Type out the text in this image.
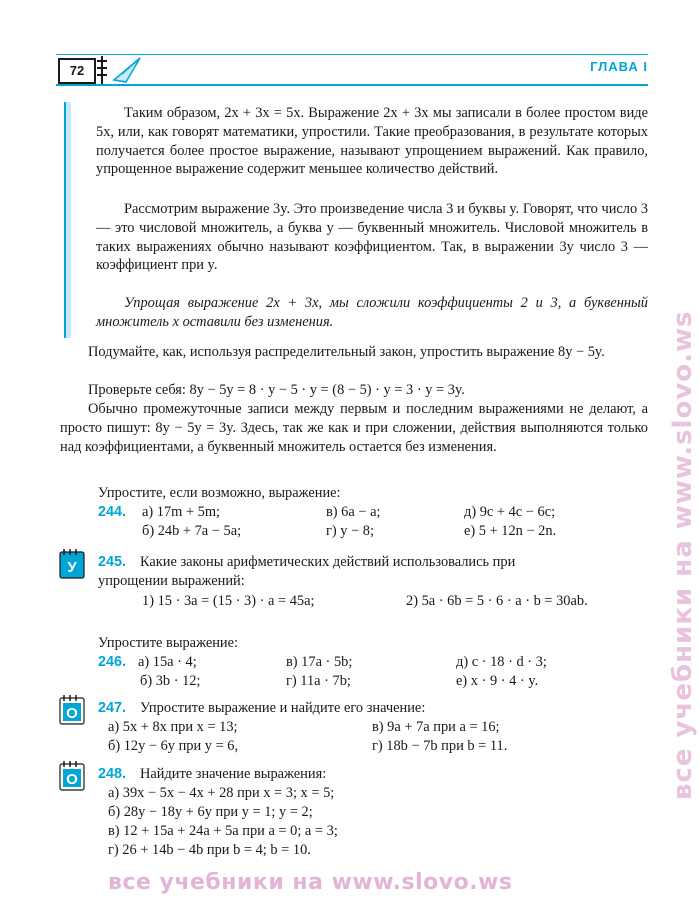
72	ГЛАВА I
Таким образом, 2x + 3x = 5x. Выражение 2x + 3x мы записали в более простом виде 5x, или, как говорят математики, упростили. Такие преобразования, в результате которых получается более простое выражение, называют упрощением выражений. Как правило, упрощенное выражение содержит меньшее количество действий.
Рассмотрим выражение 3y. Это произведение числа 3 и буквы y. Говорят, что число 3 — это числовой множитель, а буква y — буквенный множитель. Числовой множитель в таких выражениях обычно называют коэффициентом. Так, в выражении 3y число 3 — коэффициент при y.
Упрощая выражение 2x + 3x, мы сложили коэффициенты 2 и 3, а буквенный множитель x оставили без изменения.
Подумайте, как, используя распределительный закон, упростить выражение 8y − 5y.
Проверьте себя: 8y − 5y = 8 · y − 5 · y = (8 − 5) · y = 3 · y = 3y.
Обычно промежуточные записи между первым и последним выражениями не делают, а просто пишут: 8y − 5y = 3y. Здесь, так же как и при сложении, действия выполняются только над коэффициентами, а буквенный множитель остается без изменения.
Упростите, если возможно, выражение:
244. а) 17m + 5m;	в) 6a − a;	д) 9c + 4c − 6c;
б) 24b + 7a − 5a;	г) y − 8;	е) 5 + 12n − 2n.
У 245. Какие законы арифметических действий использовались при
упрощении выражений:
1) 15 · 3a = (15 · 3) · a = 45a;	2) 5a · 6b = 5 · 6 · a · b = 30ab.
Упростите выражение:
246. а) 15a · 4;	в) 17a · 5b;	д) c · 18 · d · 3;
б) 3b · 12;	г) 11a · 7b;	е) x · 9 · 4 · y.
О 247. Упростите выражение и найдите его значение:
а) 5x + 8x при x = 13;	в) 9a + 7a при a = 16;
б) 12y − 6y при y = 6,	г) 18b − 7b при b = 11.
О 248. Найдите значение выражения:
а) 39x − 5x − 4x + 28 при x = 3; x = 5;
б) 28y − 18y + 6y при y = 1; y = 2;
в) 12 + 15a + 24a + 5a при a = 0; a = 3;
г) 26 + 14b − 4b при b = 4; b = 10.
все учебники на www.slovo.ws
все учебники на www.slovo.ws
